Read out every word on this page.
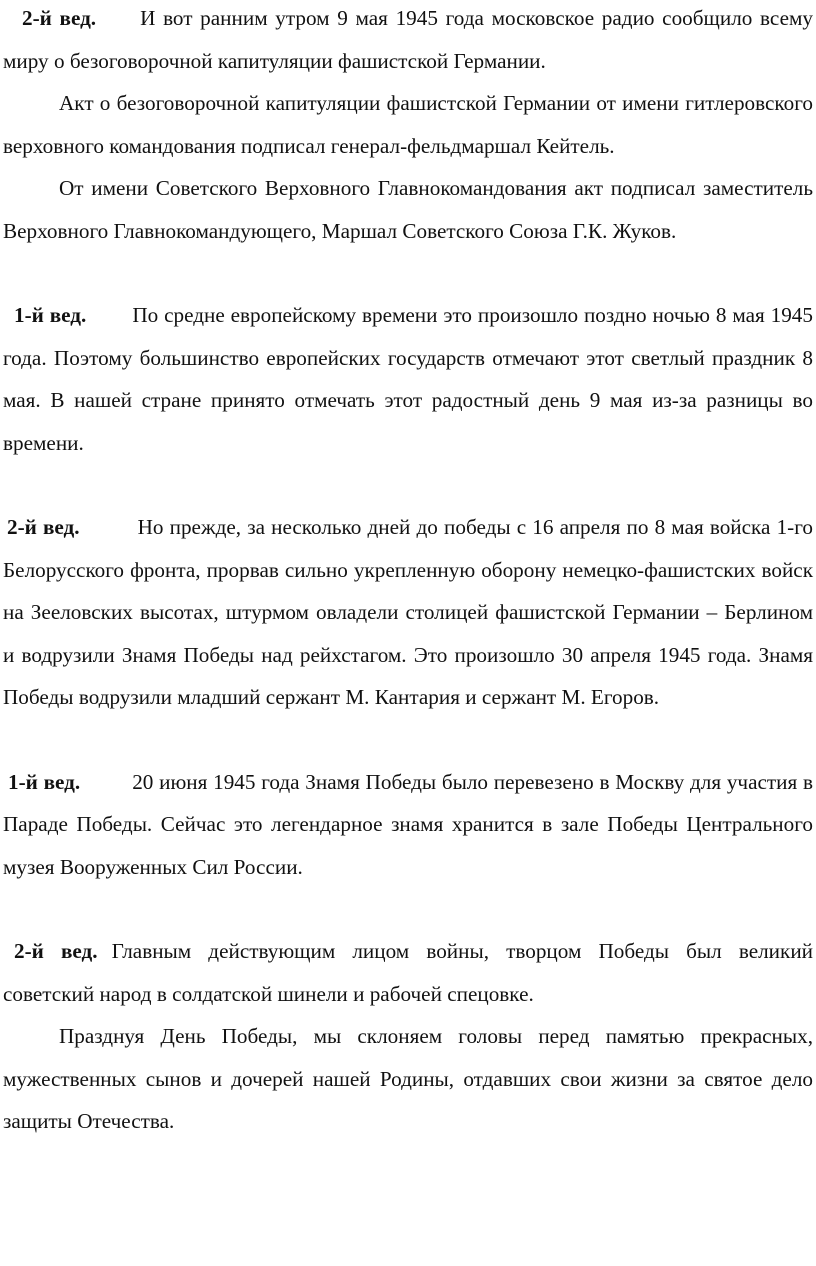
2-й вед. И вот ранним утром 9 мая 1945 года московское радио сообщило всему миру о безоговорочной капитуляции фашистской Германии.

Акт о безоговорочной капитуляции фашистской Германии от имени гитлеровского верховного командования подписал генерал-фельдмаршал Кейтель.

От имени Советского Верховного Главнокомандования акт подписал заместитель Верховного Главнокомандующего, Маршал Советского Союза Г.К. Жуков.

1-й вед. По средне европейскому времени это произошло поздно ночью 8 мая 1945 года. Поэтому большинство европейских государств отмечают этот светлый праздник 8 мая. В нашей стране принято отмечать этот радостный день 9 мая из-за разницы во времени.

2-й вед.	Но прежде, за несколько дней до победы с 16 апреля по 8 мая войска 1-го Белорусского фронта, прорвав сильно укрепленную оборону немецко-фашистских войск на Зееловских высотах, штурмом овладели столицей фашистской Германии – Берлином и водрузили Знамя Победы над рейхстагом. Это произошло 30 апреля 1945 года. Знамя Победы водрузили младший сержант М. Кантария и сержант М. Егоров.

1-й вед. 20 июня 1945 года Знамя Победы было перевезено в Москву для участия в Параде Победы. Сейчас это легендарное знамя хранится в зале Победы Центрального музея Вооруженных Сил России.

2-й вед. Главным действующим лицом войны, творцом Победы был великий советский народ в солдатской шинели и рабочей спецовке.

Празднуя День Победы, мы склоняем головы перед памятью прекрасных, мужественных сынов и дочерей нашей Родины, отдавших свои жизни за святое дело защиты Отечества.
